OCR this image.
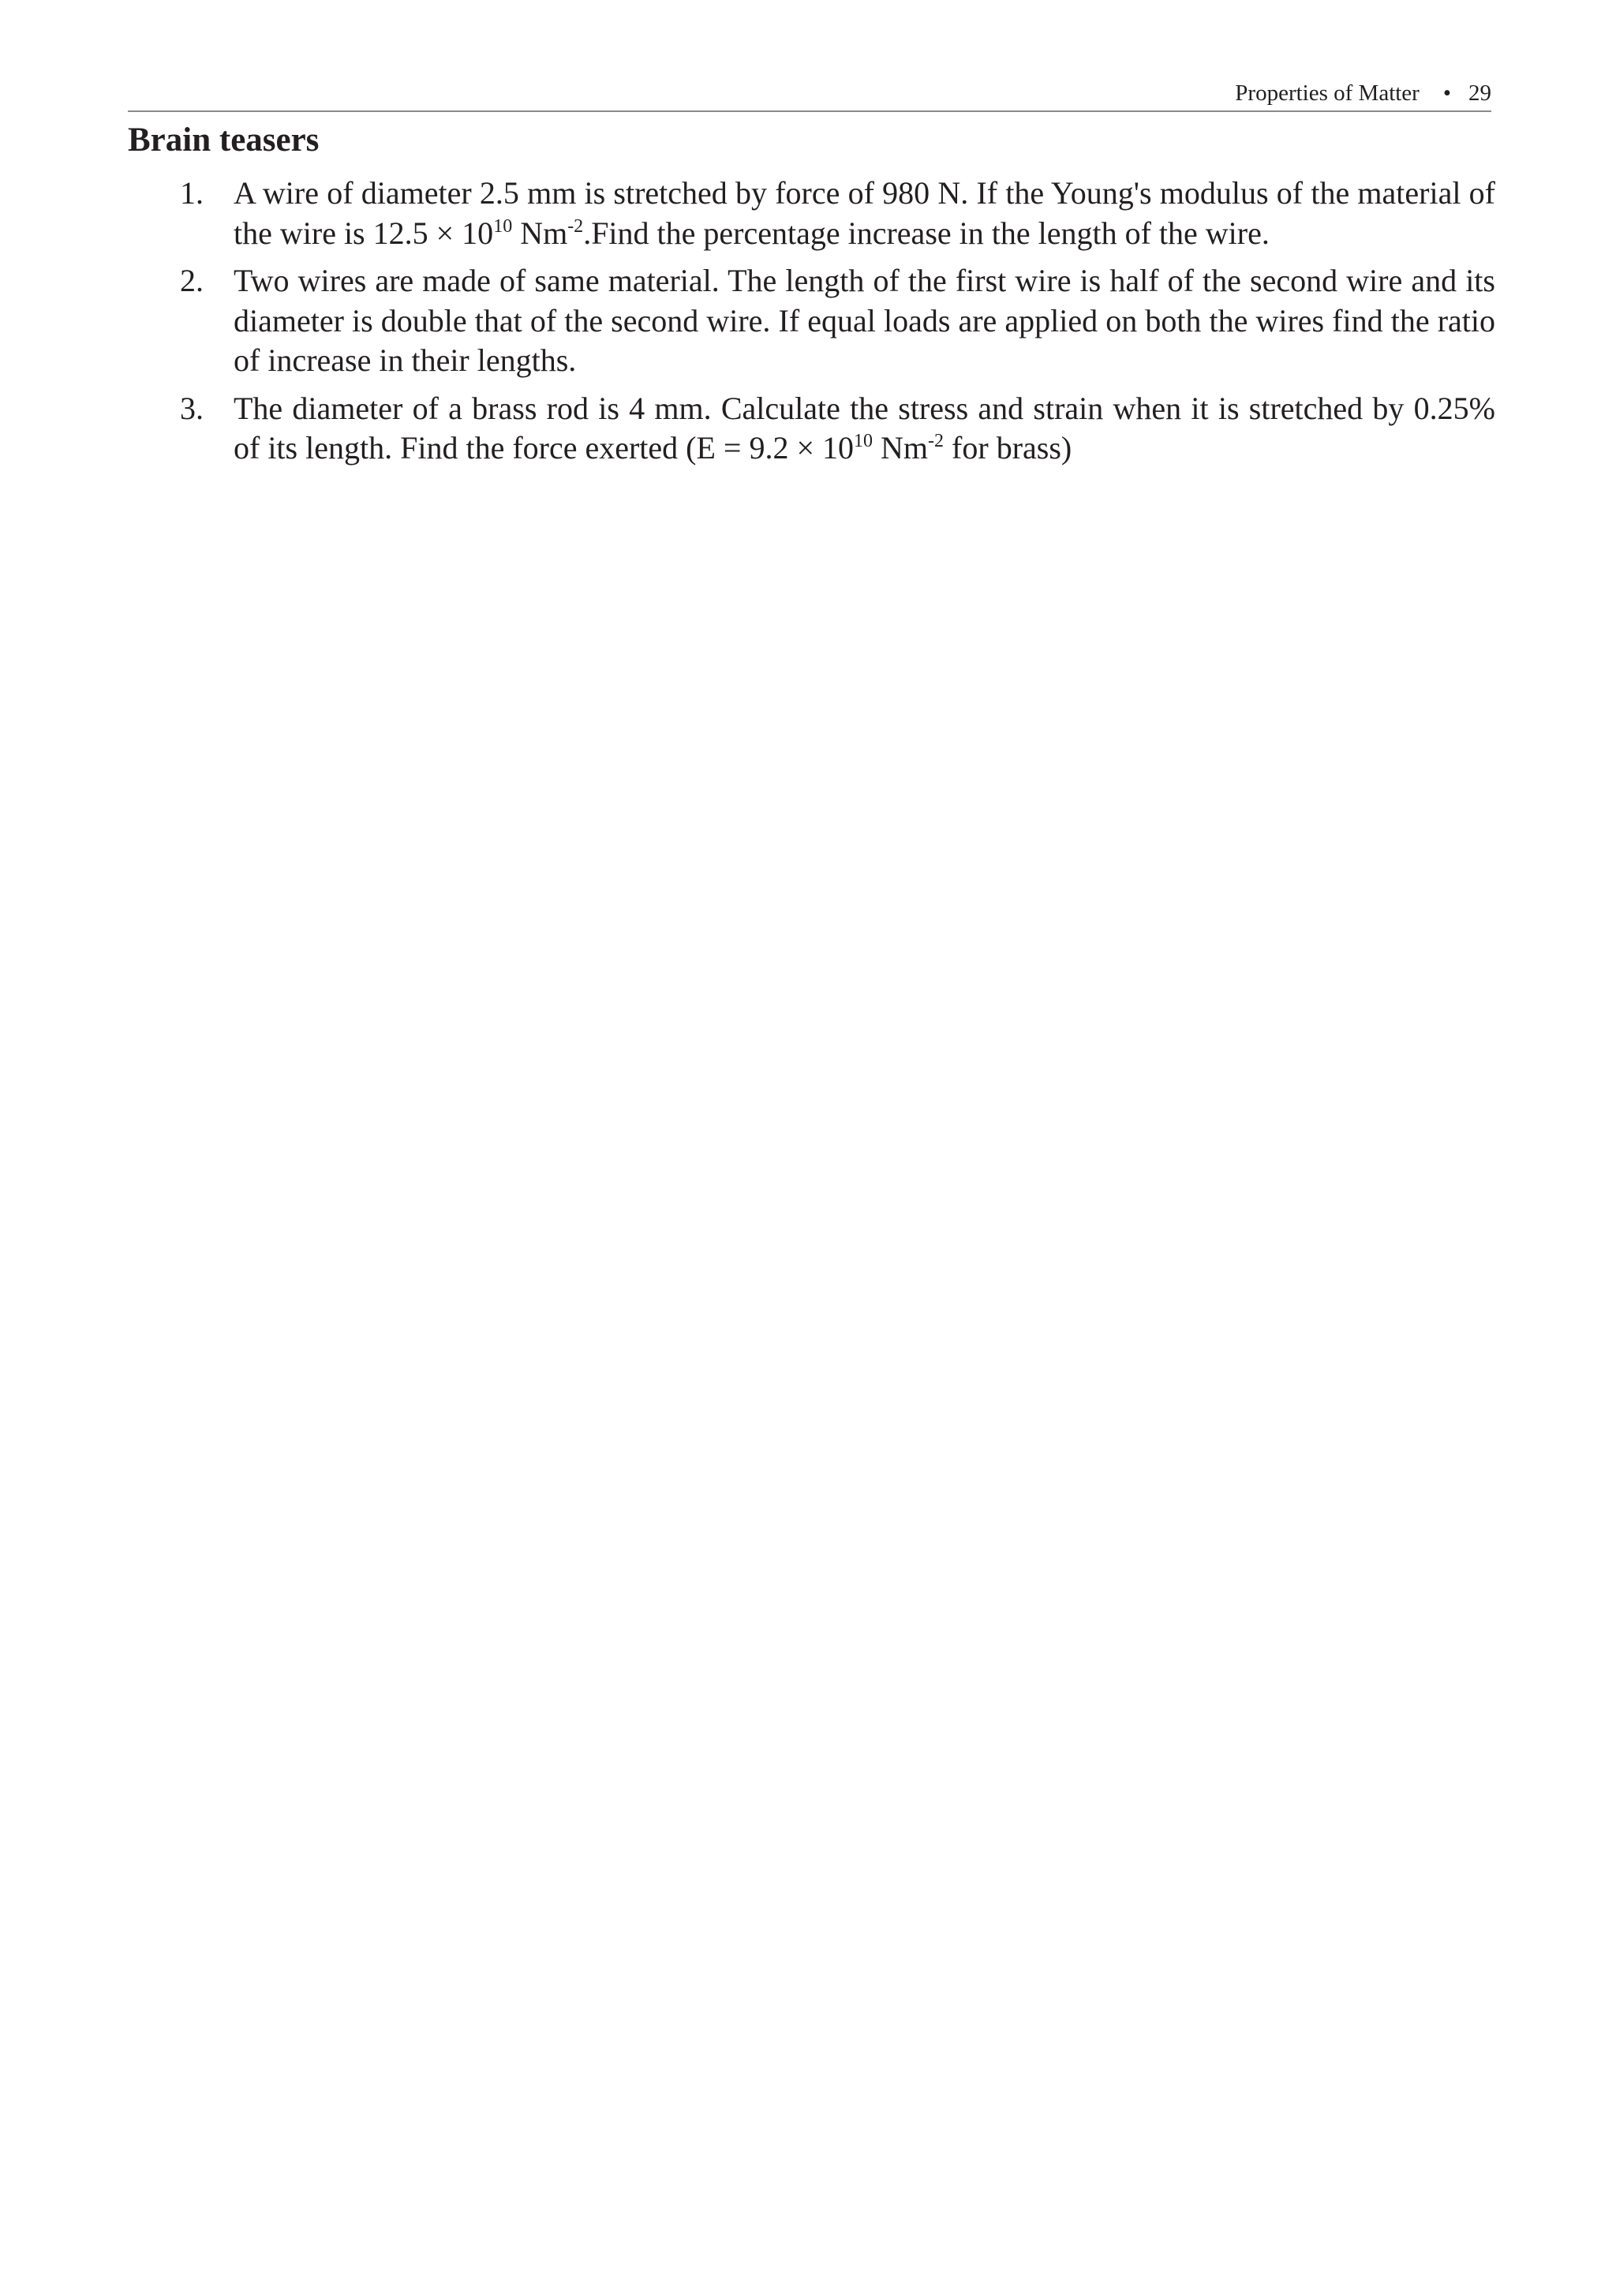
Properties of Matter • 29
Brain teasers
1. A wire of diameter 2.5 mm is stretched by force of 980 N. If the Young's modulus of the material of the wire is $12.5 \times 10^{10}$ $Nm^{-2}.Find$ the percentage increase in the length of the wire.
2. Two wires are made of same material. The length of the first wire is half of the second wire and its diameter is double that of the second wire. If equal loads are applied on both the wires find the ratio of increase in their lengths.
3. The diameter of a brass rod is 4 mm. Calculate the stress and strain when it is stretched by 0.25% of its length. Find the force exerted ($E = 9.2 \times 10^{10}$ $Nm^{-2}$ for brass)
